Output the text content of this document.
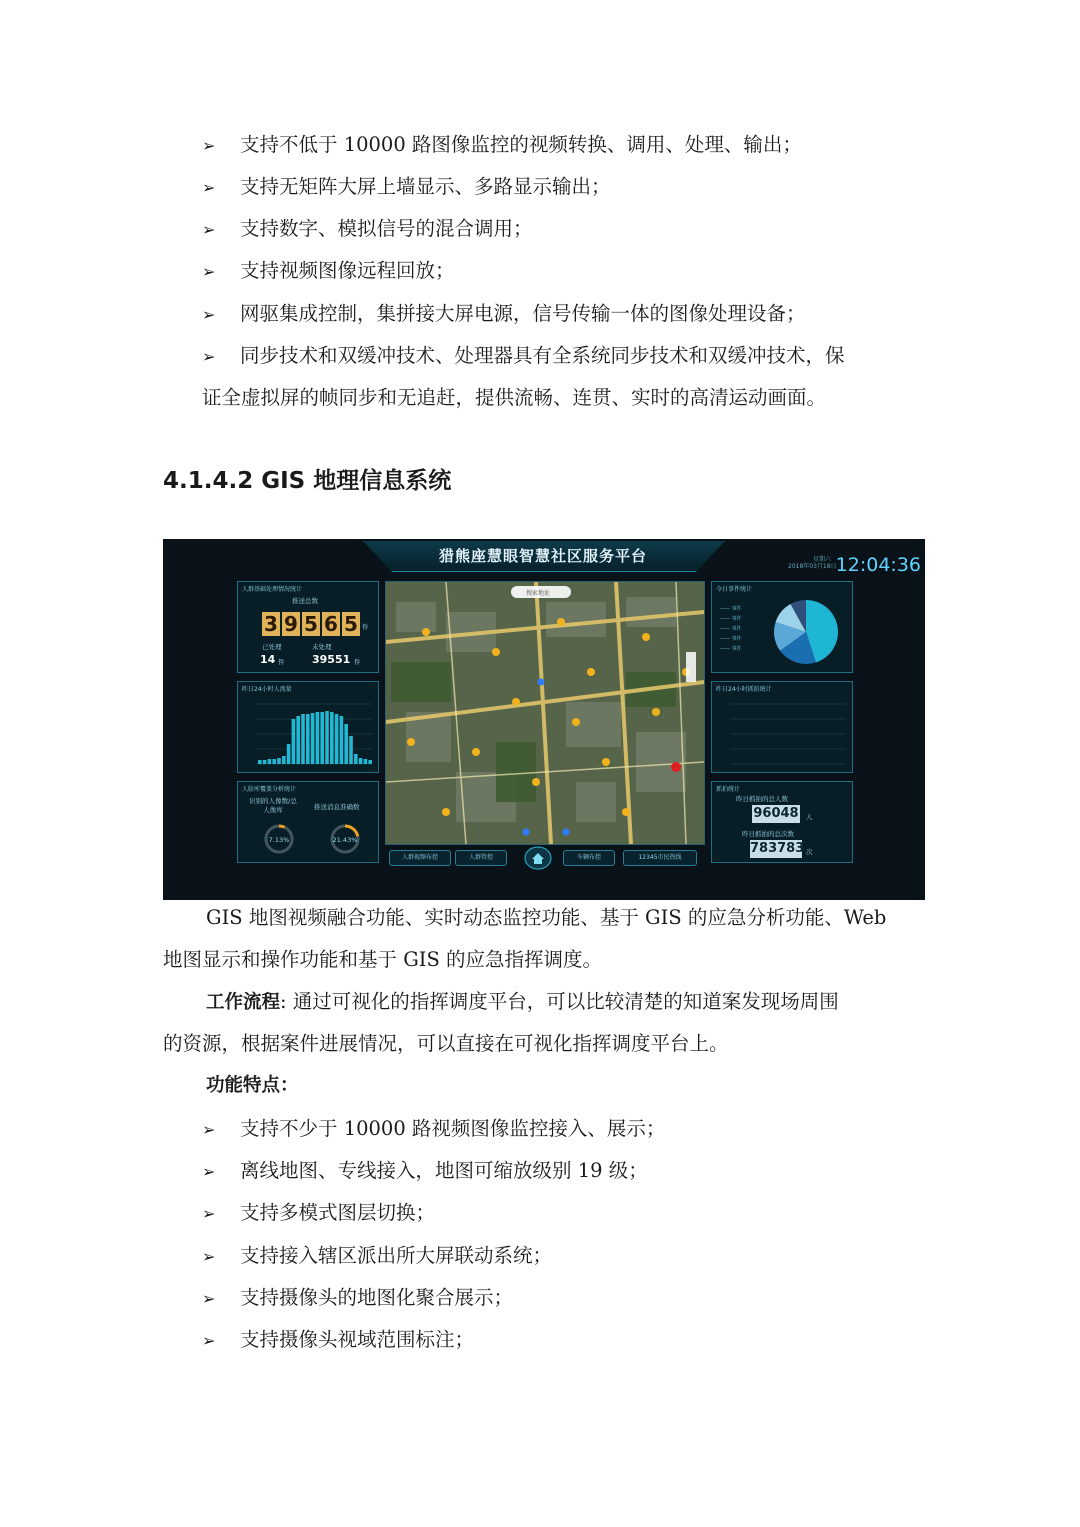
➢ 支持不低于 10000 路图像监控的视频转换、调用、处理、输出；
➢ 支持无矩阵大屏上墙显示、多路显示输出；
➢ 支持数字、模拟信号的混合调用；
➢ 支持视频图像远程回放；
➢ 网驱集成控制，集拼接大屏电源，信号传输一体的图像处理设备；
➢ 同步技术和双缓冲技术、处理器具有全系统同步技术和双缓冲技术，保
证全虚拟屏的帧同步和无追赶，提供流畅、连贯、实时的高清运动画面。
4.1.4.2 GIS 地理信息系统
猎熊座慧眼智慧社区服务平台	星期六
2018年03月18日 12:04:36
人群基础处理情况统计
推送总数
3 9 5 6 5 件
已处理	未处理
14 件	39551 件
昨日24小时人流量
人脸库覆盖分析统计
识别的人像数/总人像库	推送消息准确数
7.13%	21.43%
搜索地址
今日事件统计
—— 事件
—— 事件
—— 事件
—— 事件
—— 事件
昨日24小时抓拍统计
抓拍统计
昨日抓拍的总人数
96048 人
昨日抓拍的总次数
783783 次
人群视频布控	人群管控	车辆布控	12345市民热线
GIS 地图视频融合功能、实时动态监控功能、基于 GIS 的应急分析功能、Web
地图显示和操作功能和基于 GIS 的应急指挥调度。
工作流程: 通过可视化的指挥调度平台，可以比较清楚的知道案发现场周围
的资源，根据案件进展情况，可以直接在可视化指挥调度平台上。
功能特点：
➢ 支持不少于 10000 路视频图像监控接入、展示；
➢ 离线地图、专线接入，地图可缩放级别 19 级；
➢ 支持多模式图层切换；
➢ 支持接入辖区派出所大屏联动系统；
➢ 支持摄像头的地图化聚合展示；
➢ 支持摄像头视域范围标注；
